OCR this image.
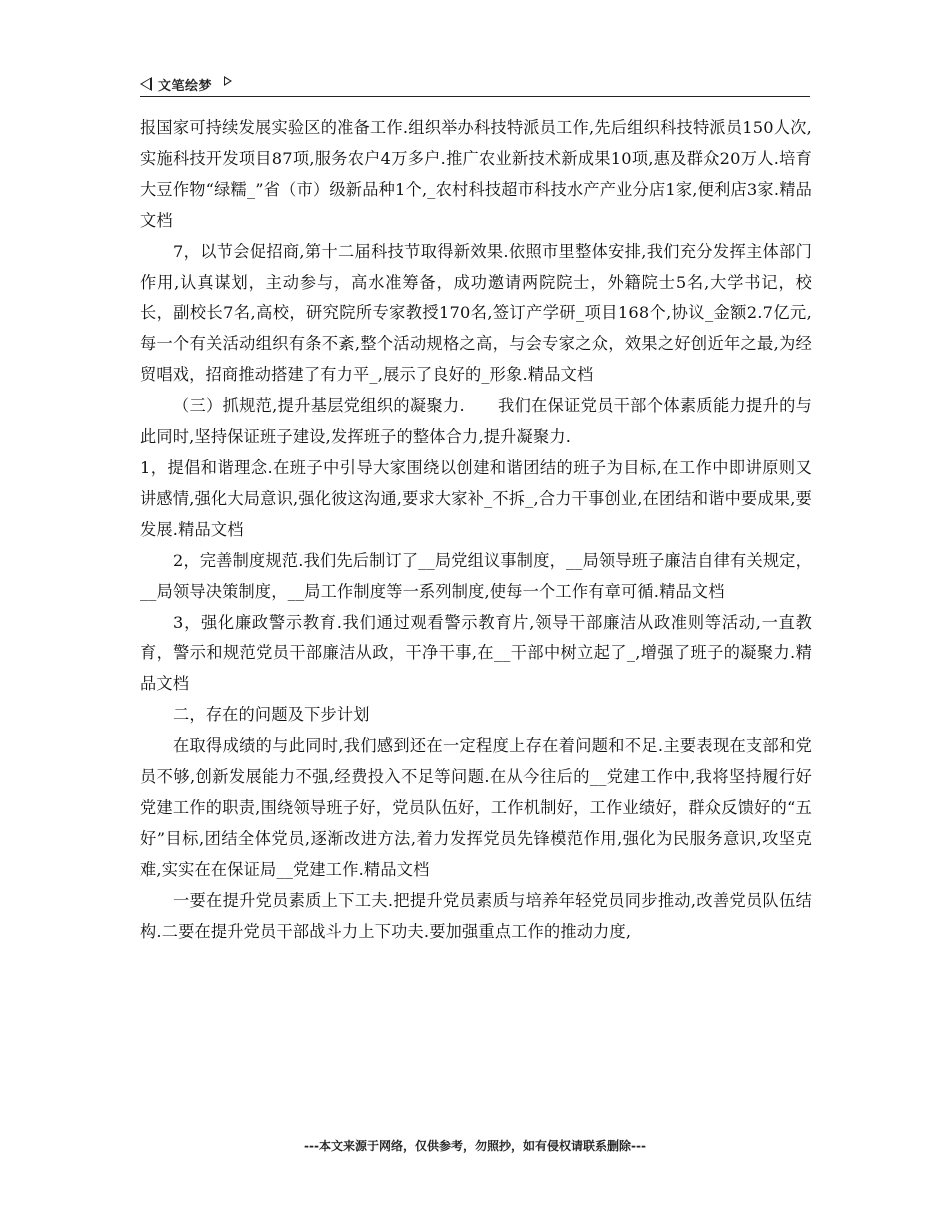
文笔绘梦

报国家可持续发展实验区的准备工作.组织举办科技特派员工作,先后组织科技特派员150人次,实施科技开发项目87项,服务农户4万多户.推广农业新技术新成果10项,惠及群众20万人.培育大豆作物“绿糯_”省（市）级新品种1个,_农村科技超市科技水产产业分店1家,便利店3家.精品文档

7，以节会促招商,第十二届科技节取得新效果.依照市里整体安排,我们充分发挥主体部门作用,认真谋划，主动参与，高水准筹备，成功邀请两院院士，外籍院士5名,大学书记，校长，副校长7名,高校，研究院所专家教授170名,签订产学研_项目168个,协议_金额2.7亿元,每一个有关活动组织有条不紊,整个活动规格之高，与会专家之众，效果之好创近年之最,为经贸唱戏，招商推动搭建了有力平_,展示了良好的_形象.精品文档

（三）抓规范,提升基层党组织的凝聚力.　　我们在保证党员干部个体素质能力提升的与此同时,坚持保证班子建设,发挥班子的整体合力,提升凝聚力.

1，提倡和谐理念.在班子中引导大家围绕以创建和谐团结的班子为目标,在工作中即讲原则又讲感情,强化大局意识,强化彼这沟通,要求大家补_不拆_,合力干事创业,在团结和谐中要成果,要发展.精品文档

2，完善制度规范.我们先后制订了__局党组议事制度，__局领导班子廉洁自律有关规定，__局领导决策制度，__局工作制度等一系列制度,使每一个工作有章可循.精品文档

3，强化廉政警示教育.我们通过观看警示教育片,领导干部廉洁从政准则等活动,一直教育，警示和规范党员干部廉洁从政，干净干事,在__干部中树立起了_,增强了班子的凝聚力.精品文档

二，存在的问题及下步计划

在取得成绩的与此同时,我们感到还在一定程度上存在着问题和不足.主要表现在支部和党员不够,创新发展能力不强,经费投入不足等问题.在从今往后的__党建工作中,我将坚持履行好党建工作的职责,围绕领导班子好，党员队伍好，工作机制好，工作业绩好，群众反馈好的“五好”目标,团结全体党员,逐渐改进方法,着力发挥党员先锋模范作用,强化为民服务意识,攻坚克难,实实在在保证局__党建工作.精品文档

一要在提升党员素质上下工夫.把提升党员素质与培养年轻党员同步推动,改善党员队伍结构.二要在提升党员干部战斗力上下功夫.要加强重点工作的推动力度,

---本文来源于网络，仅供参考，勿照抄，如有侵权请联系删除---
